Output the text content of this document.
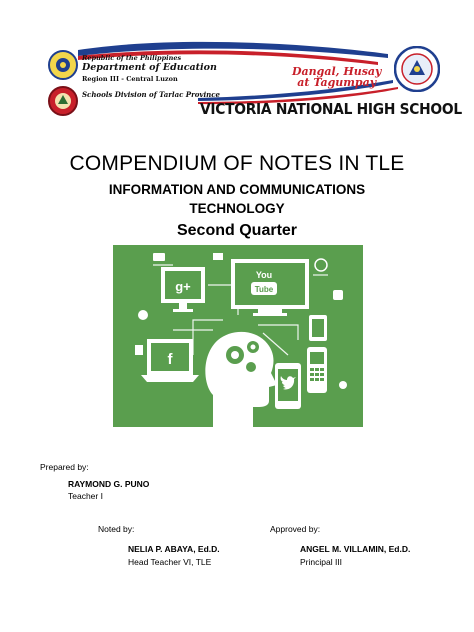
Republic of the Philippines
Department of Education
Region III - Central Luzon
Schools Division of Tarlac Province
Dangal, Husay
at Tagumpay
VICTORIA NATIONAL HIGH SCHOOL
COMPENDIUM OF NOTES IN TLE
INFORMATION AND COMMUNICATIONS
TECHNOLOGY
Second Quarter
g+
You
Tube
f
Prepared by:
RAYMOND G. PUNO
Teacher I
Noted by:
NELIA P. ABAYA, Ed.D.
Head Teacher VI, TLE
Approved by:
ANGEL M. VILLAMIN, Ed.D.
Principal III
